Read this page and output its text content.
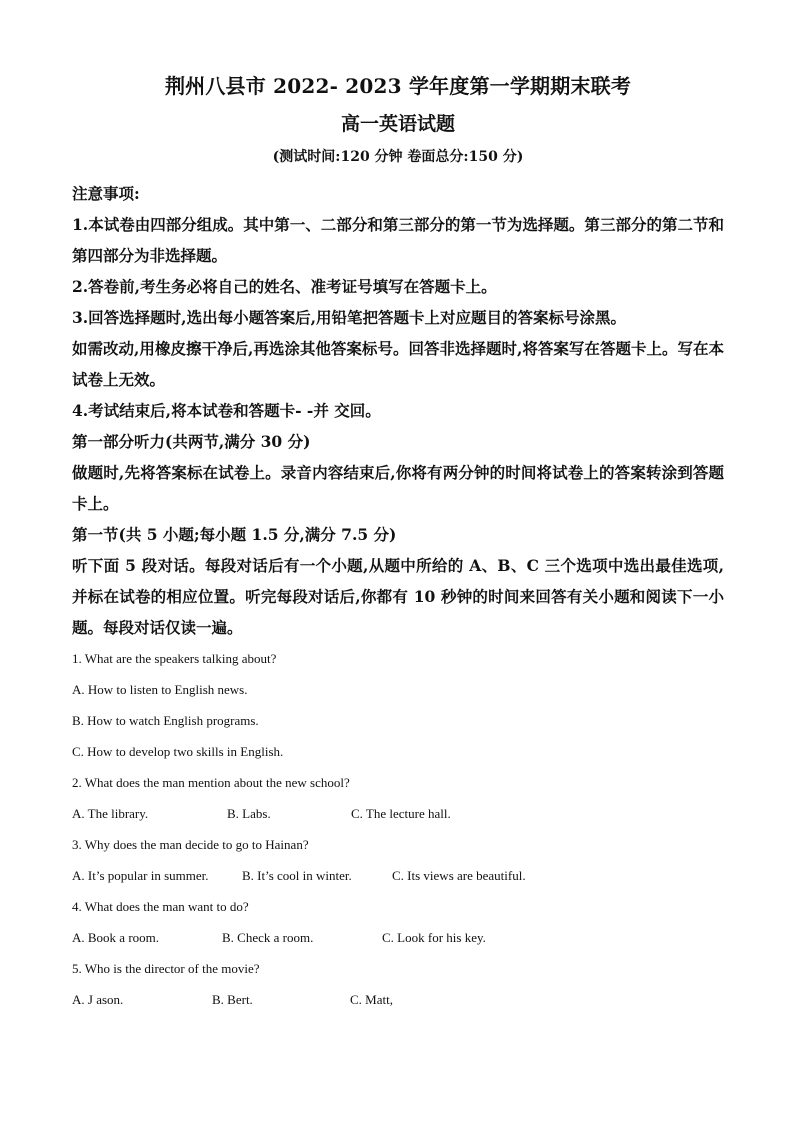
荆州八县市 2022- 2023 学年度第一学期期末联考
高一英语试题
(测试时间:120 分钟 卷面总分:150 分)

注意事项:

1.本试卷由四部分组成。其中第一、二部分和第三部分的第一节为选择题。第三部分的第二节和第四部分为非选择题。

2.答卷前,考生务必将自己的姓名、准考证号填写在答题卡上。

3.回答选择题时,选出每小题答案后,用铅笔把答题卡上对应题目的答案标号涂黑。

如需改动,用橡皮擦干净后,再选涂其他答案标号。回答非选择题时,将答案写在答题卡上。写在本试卷上无效。

4.考试结束后,将本试卷和答题卡- -并 交回。

第一部分听力(共两节,满分 30 分)

做题时,先将答案标在试卷上。录音内容结束后,你将有两分钟的时间将试卷上的答案转涂到答题卡上。

第一节(共 5 小题;每小题 1.5 分,满分 7.5 分)

听下面 5 段对话。每段对话后有一个小题,从题中所给的 A、B、C 三个选项中选出最佳选项,并标在试卷的相应位置。听完每段对话后,你都有 10 秒钟的时间来回答有关小题和阅读下一小题。每段对话仅读一遍。

1. What are the speakers talking about?

A. How to listen to English news.

B. How to watch English programs.

C. How to develop two skills in English.

2. What does the man mention about the new school?

A. The library.	B. Labs.	C. The lecture hall.

3. Why does the man decide to go to Hainan?

A. It’s popular in summer.	B. It’s cool in winter.	C. Its views are beautiful.

4. What does the man want to do?

A. Book a room.	B. Check a room.	C. Look for his key.

5. Who is the director of the movie?

A. J ason.	B. Bert.	C. Matt,
